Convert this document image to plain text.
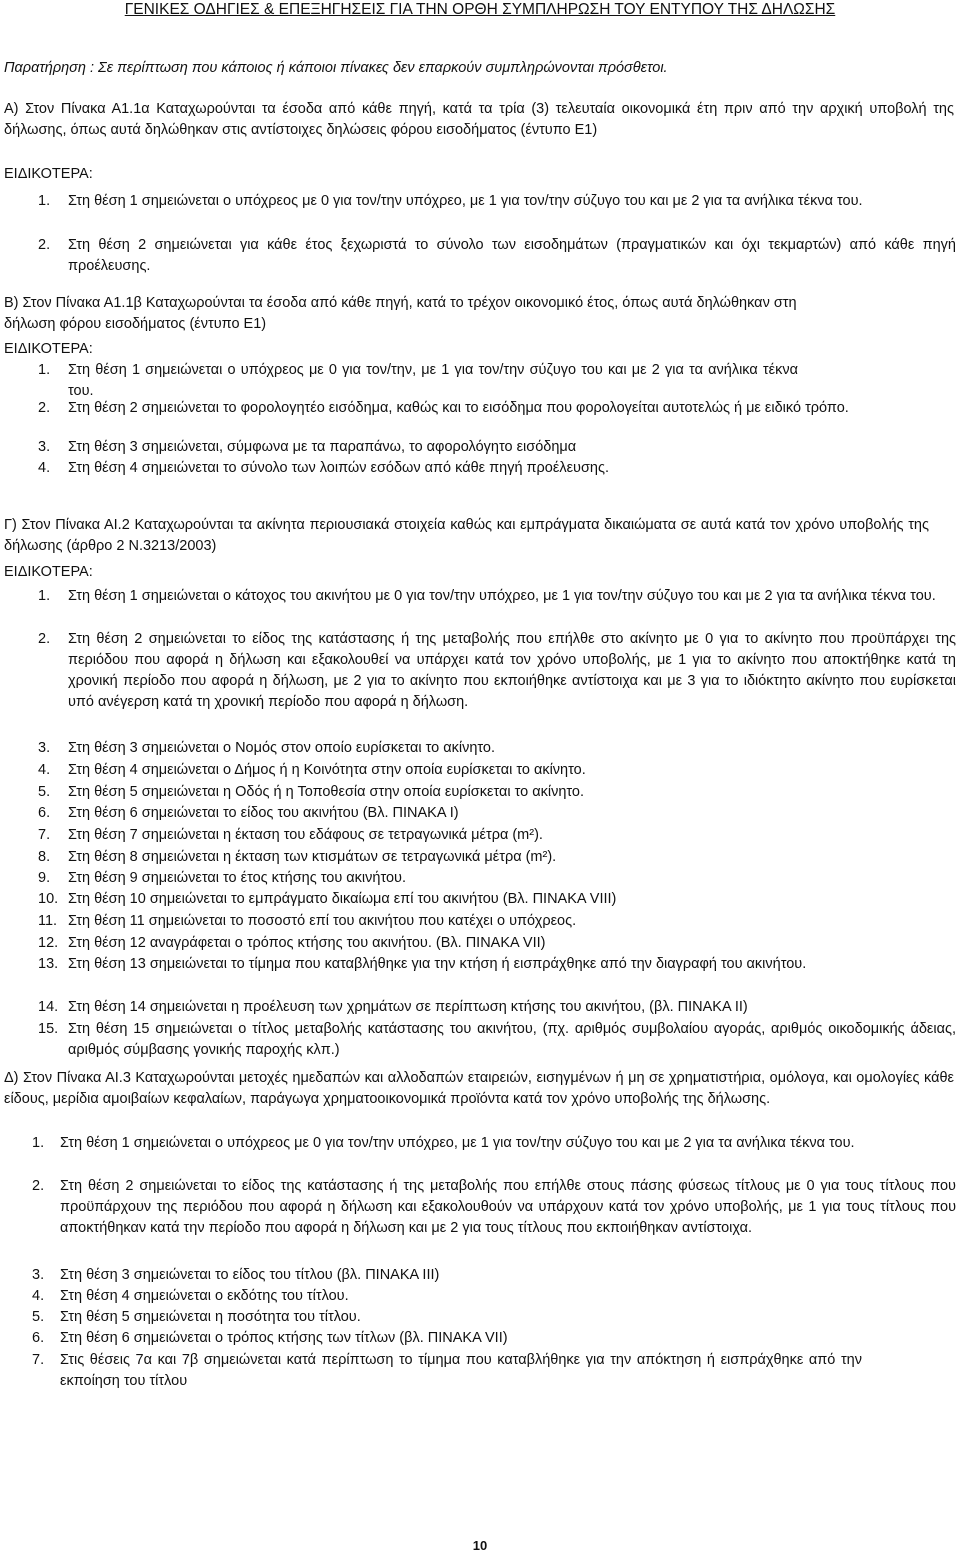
ΓΕΝΙΚΕΣ ΟΔΗΓΙΕΣ & ΕΠΕΞΗΓΗΣΕΙΣ ΓΙΑ ΤΗΝ ΟΡΘΗ ΣΥΜΠΛΗΡΩΣΗ ΤΟΥ ΕΝΤΥΠΟΥ ΤΗΣ ΔΗΛΩΣΗΣ
Παρατήρηση : Σε περίπτωση που κάποιος ή κάποιοι πίνακες δεν επαρκούν συμπληρώνονται πρόσθετοι.
Α) Στον Πίνακα Α1.1α Καταχωρούνται τα έσοδα από κάθε πηγή, κατά τα τρία (3) τελευταία οικονομικά έτη πριν από την αρχική υποβολή της δήλωσης, όπως αυτά δηλώθηκαν στις αντίστοιχες δηλώσεις φόρου εισοδήματος (έντυπο Ε1)
ΕΙΔΙΚΟΤΕΡΑ:
1. Στη θέση 1 σημειώνεται ο υπόχρεος με 0 για τον/την υπόχρεο, με 1 για τον/την σύζυγο του και με 2 για τα ανήλικα τέκνα του.
2. Στη θέση 2 σημειώνεται για κάθε έτος ξεχωριστά το σύνολο των εισοδημάτων (πραγματικών και όχι τεκμαρτών) από κάθε πηγή προέλευσης.
Β) Στον Πίνακα Α1.1β Καταχωρούνται τα έσοδα από κάθε πηγή, κατά το τρέχον οικονομικό έτος, όπως αυτά δηλώθηκαν στη δήλωση φόρου εισοδήματος (έντυπο Ε1)
ΕΙΔΙΚΟΤΕΡΑ:
1. Στη θέση 1 σημειώνεται ο υπόχρεος με 0 για τον/την, με 1 για τον/την σύζυγο του και με 2 για τα ανήλικα τέκνα του.
2. Στη θέση 2 σημειώνεται το φορολογητέο εισόδημα, καθώς και το εισόδημα που φορολογείται αυτοτελώς ή με ειδικό τρόπο.
3. Στη θέση 3 σημειώνεται, σύμφωνα με τα παραπάνω, το αφορολόγητο εισόδημα
4. Στη θέση 4 σημειώνεται το σύνολο των λοιπών εσόδων από κάθε πηγή προέλευσης.
Γ) Στον Πίνακα ΑΙ.2 Καταχωρούνται τα ακίνητα περιουσιακά στοιχεία καθώς και εμπράγματα δικαιώματα σε αυτά κατά τον χρόνο υποβολής της δήλωσης (άρθρο 2 Ν.3213/2003)
ΕΙΔΙΚΟΤΕΡΑ:
1. Στη θέση 1 σημειώνεται ο κάτοχος του ακινήτου με 0 για τον/την υπόχρεο, με 1 για τον/την σύζυγο του και με 2 για τα ανήλικα τέκνα του.
2. Στη θέση 2 σημειώνεται το είδος της κατάστασης ή της μεταβολής που επήλθε στο ακίνητο με 0 για το ακίνητο που προϋπάρχει της περιόδου που αφορά η δήλωση και εξακολουθεί να υπάρχει κατά τον χρόνο υποβολής, με 1 για το ακίνητο που αποκτήθηκε κατά τη χρονική περίοδο που αφορά η δήλωση, με 2 για το ακίνητο που εκποιήθηκε αντίστοιχα και με 3 για το ιδιόκτητο ακίνητο που ευρίσκεται υπό ανέγερση κατά τη χρονική περίοδο που αφορά η δήλωση.
3. Στη θέση 3 σημειώνεται ο Νομός στον οποίο ευρίσκεται το ακίνητο.
4. Στη θέση 4 σημειώνεται ο Δήμος ή η Κοινότητα στην οποία ευρίσκεται το ακίνητο.
5. Στη θέση 5 σημειώνεται η Οδός ή η Τοποθεσία στην οποία ευρίσκεται το ακίνητο.
6. Στη θέση 6 σημειώνεται το είδος του ακινήτου (Βλ. ΠΙΝΑΚΑ Ι)
7. Στη θέση 7 σημειώνεται η έκταση του εδάφους σε τετραγωνικά μέτρα (m²).
8. Στη θέση 8 σημειώνεται η έκταση των κτισμάτων σε τετραγωνικά μέτρα (m²).
9. Στη θέση 9 σημειώνεται το έτος κτήσης του ακινήτου.
10. Στη θέση 10 σημειώνεται το εμπράγματο δικαίωμα επί του ακινήτου (Βλ. ΠΙΝΑΚΑ VIII)
11. Στη θέση 11 σημειώνεται το ποσοστό επί του ακινήτου που κατέχει ο υπόχρεος.
12. Στη θέση 12 αναγράφεται ο τρόπος κτήσης του ακινήτου. (Βλ. ΠΙΝΑΚΑ VII)
13. Στη θέση 13 σημειώνεται το τίμημα που καταβλήθηκε για την κτήση ή εισπράχθηκε από την διαγραφή του ακινήτου.
14. Στη θέση 14 σημειώνεται η προέλευση των χρημάτων σε περίπτωση κτήσης του ακινήτου, (βλ. ΠΙΝΑΚΑ ΙΙ)
15. Στη θέση 15 σημειώνεται ο τίτλος μεταβολής κατάστασης του ακινήτου, (πχ. αριθμός συμβολαίου αγοράς, αριθμός οικοδομικής άδειας, αριθμός σύμβασης γονικής παροχής κλπ.)
Δ) Στον Πίνακα ΑΙ.3 Καταχωρούνται μετοχές ημεδαπών και αλλοδαπών εταιρειών, εισηγμένων ή μη σε χρηματιστήρια, ομόλογα, και ομολογίες κάθε είδους, μερίδια αμοιβαίων κεφαλαίων, παράγωγα χρηματοοικονομικά προϊόντα κατά τον χρόνο υποβολής της δήλωσης.
1. Στη θέση 1 σημειώνεται ο υπόχρεος με 0 για τον/την υπόχρεο, με 1 για τον/την σύζυγο του και με 2 για τα ανήλικα τέκνα του.
2. Στη θέση 2 σημειώνεται το είδος της κατάστασης ή της μεταβολής που επήλθε στους πάσης φύσεως τίτλους με 0 για τους τίτλους που προϋπάρχουν της περιόδου που αφορά η δήλωση και εξακολουθούν να υπάρχουν κατά τον χρόνο υποβολής, με 1 για τους τίτλους που αποκτήθηκαν κατά την περίοδο που αφορά η δήλωση και με 2 για τους τίτλους που εκποιήθηκαν αντίστοιχα.
3. Στη θέση 3 σημειώνεται το είδος του τίτλου (βλ. ΠΙΝΑΚΑ III)
4. Στη θέση 4 σημειώνεται ο εκδότης του τίτλου.
5. Στη θέση 5 σημειώνεται η ποσότητα του τίτλου.
6. Στη θέση 6 σημειώνεται ο τρόπος κτήσης των τίτλων (βλ. ΠΙΝΑΚΑ VII)
7. Στις θέσεις 7α και 7β σημειώνεται κατά περίπτωση το τίμημα που καταβλήθηκε για την απόκτηση ή εισπράχθηκε από την εκποίηση του τίτλου
10
